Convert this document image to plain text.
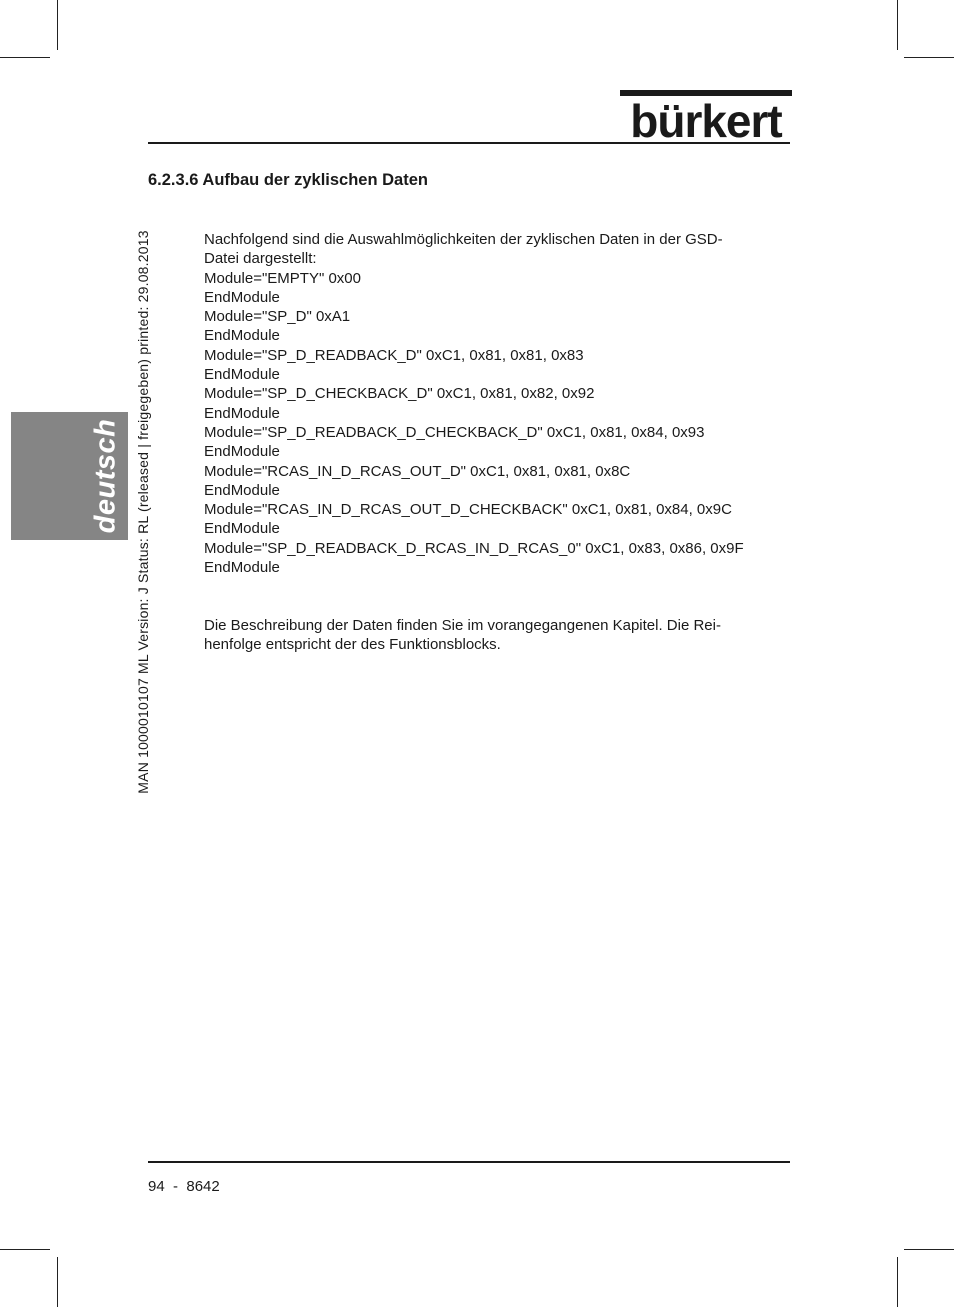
bürkert
6.2.3.6 Aufbau der zyklischen Daten
deutsch MAN 1000010107 ML Version: J Status: RL (released | freigegeben) printed: 29.08.2013	Nachfolgend sind die Auswahlmöglichkeiten der zyklischen Daten in der GSD-
Datei dargestellt:

Module="EMPTY" 0x00
EndModule

Module="SP_D" 0xA1
EndModule

Module="SP_D_READBACK_D" 0xC1, 0x81, 0x81, 0x83
EndModule

Module="SP_D_CHECKBACK_D" 0xC1, 0x81, 0x82, 0x92
EndModule

Module="SP_D_READBACK_D_CHECKBACK_D" 0xC1, 0x81, 0x84, 0x93
EndModule

Module="RCAS_IN_D_RCAS_OUT_D" 0xC1, 0x81, 0x81, 0x8C
EndModule

Module="RCAS_IN_D_RCAS_OUT_D_CHECKBACK" 0xC1, 0x81, 0x84, 0x9C
EndModule

Module="SP_D_READBACK_D_RCAS_IN_D_RCAS_0" 0xC1, 0x83, 0x86, 0x9F
EndModule

Die Beschreibung der Daten finden Sie im vorangegangenen Kapitel. Die Rei-
henfolge entspricht der des Funktionsblocks.

94 - 8642
